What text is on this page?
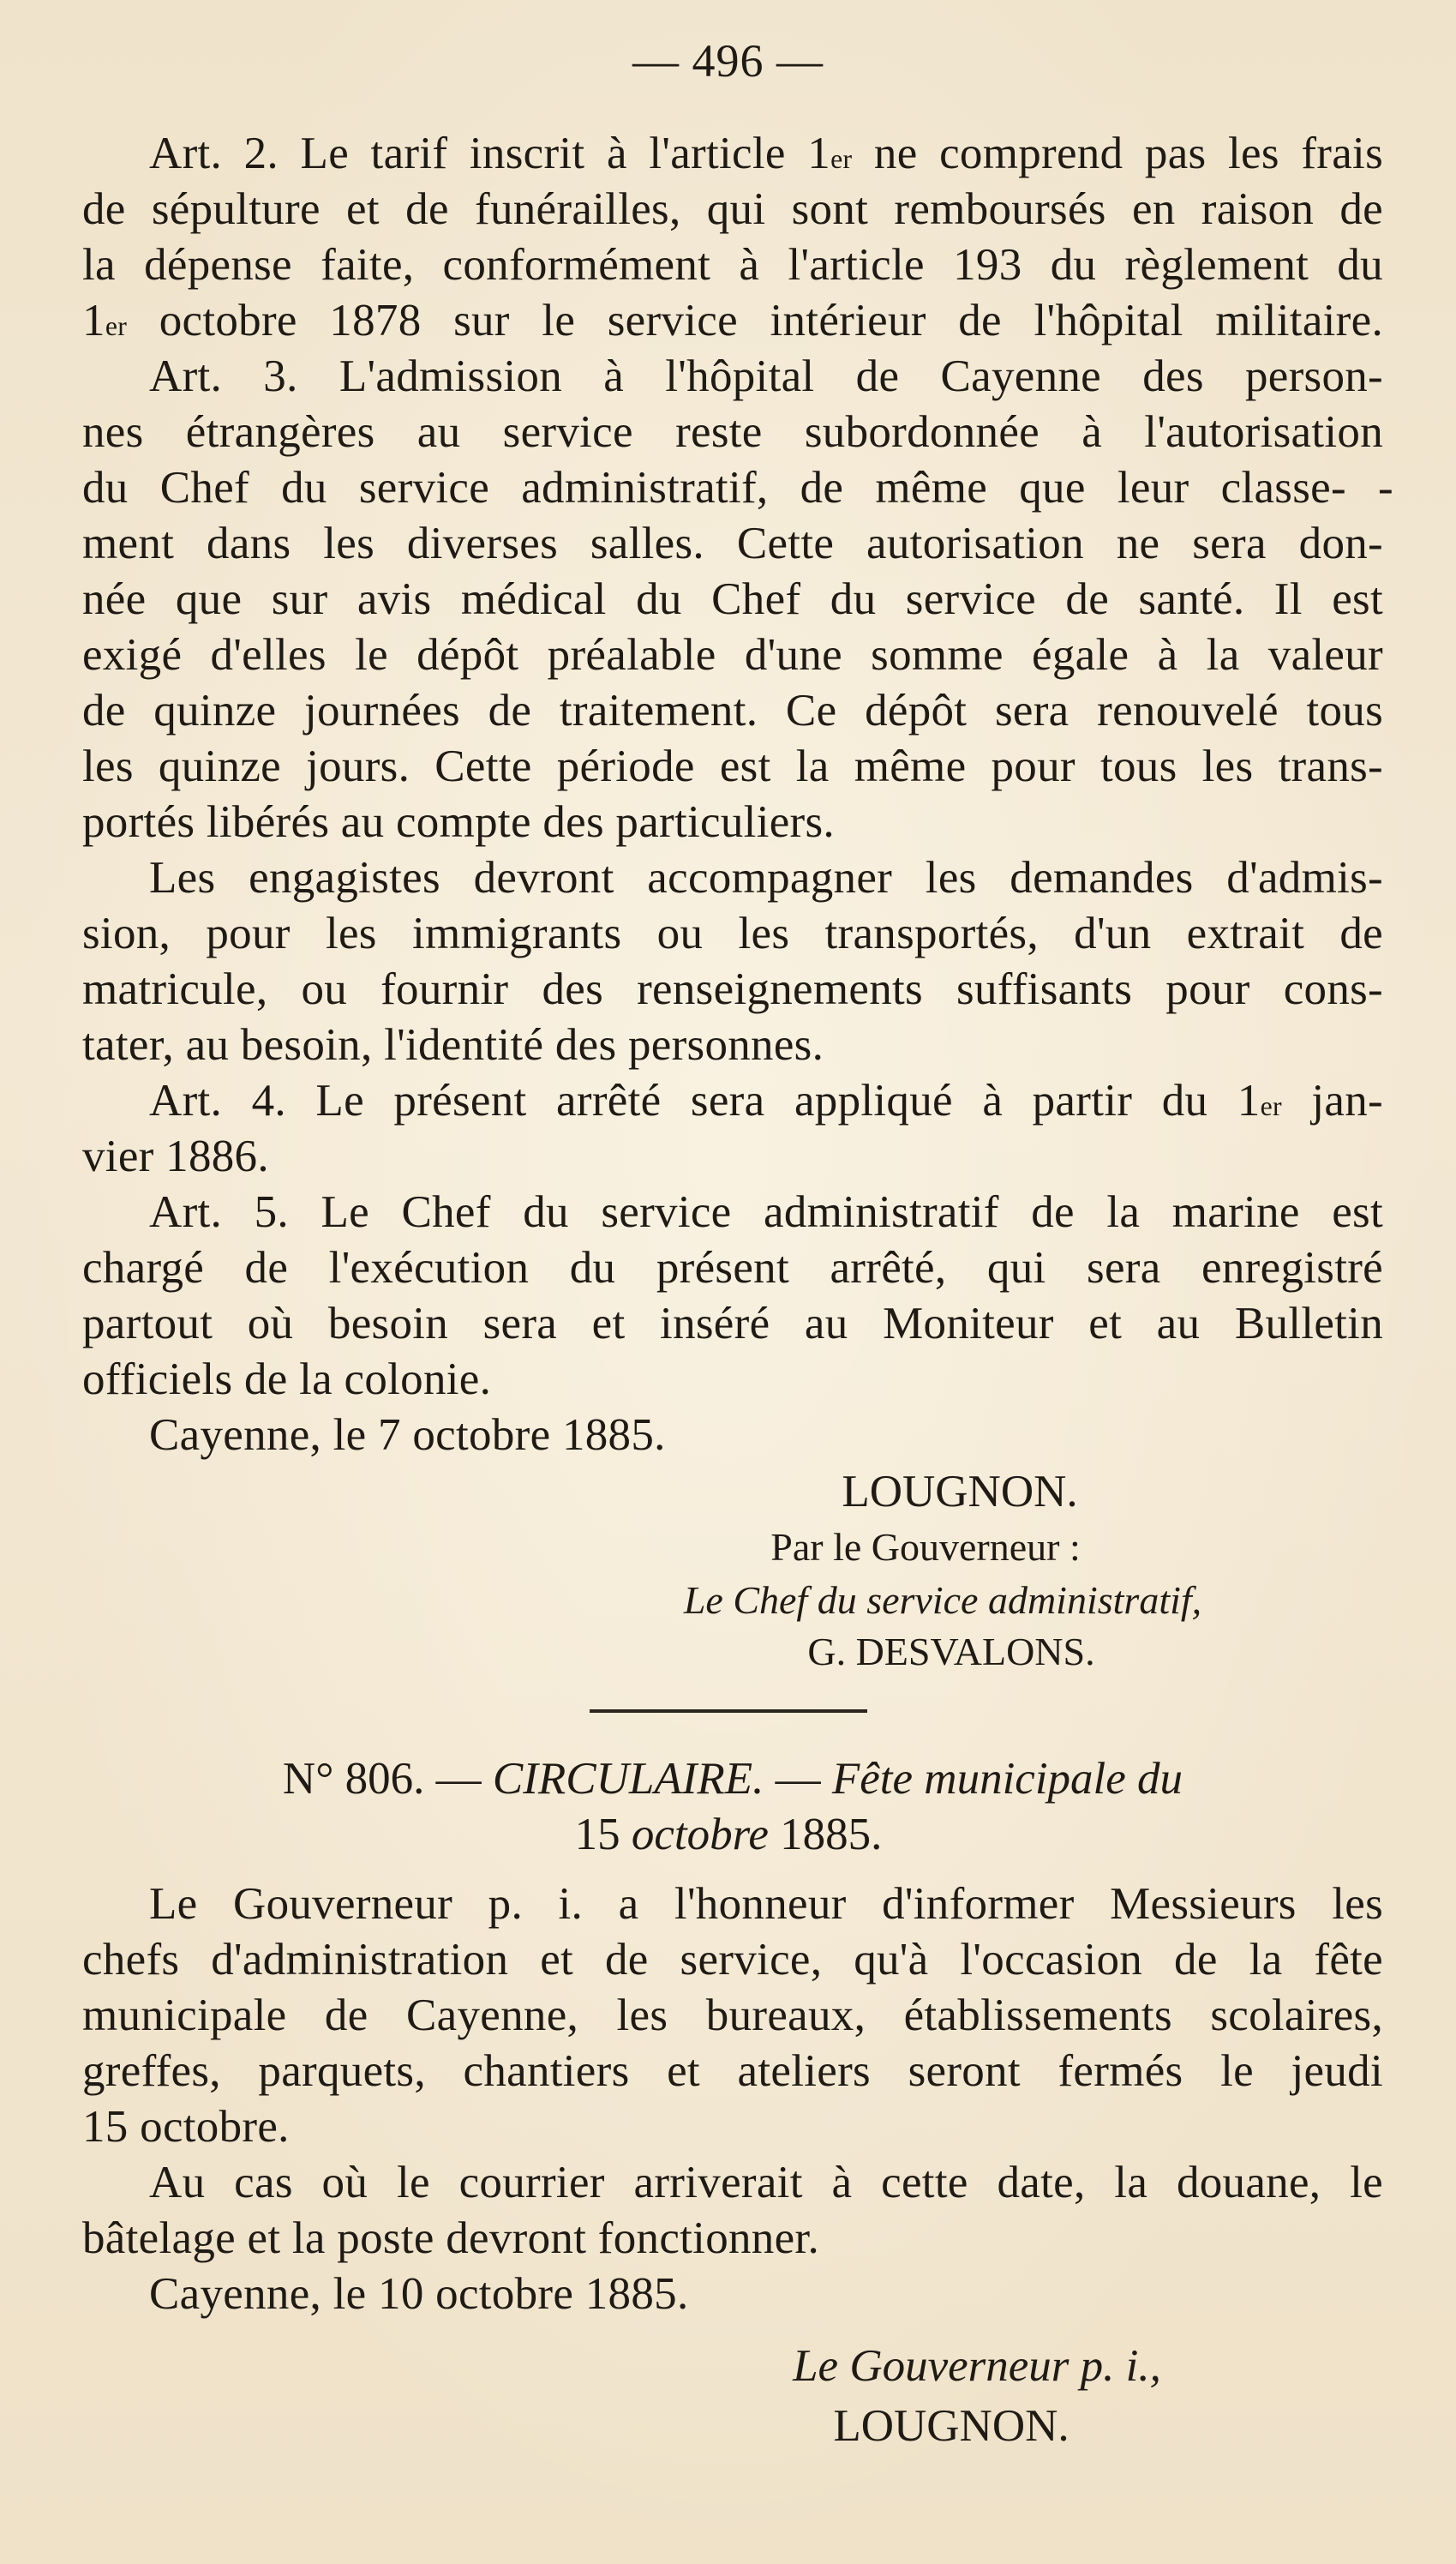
— 496 —
Art. 2. Le tarif inscrit à l'article 1er ne comprend pas les frais
de sépulture et de funérailles, qui sont remboursés en raison de
la dépense faite, conformément à l'article 193 du règlement du
1er octobre 1878 sur le service intérieur de l'hôpital militaire.
Art. 3. L'admission à l'hôpital de Cayenne des person-
nes étrangères au service reste subordonnée à l'autorisation
du Chef du service administratif, de même que leur classe- -
ment dans les diverses salles. Cette autorisation ne sera don-
née que sur avis médical du Chef du service de santé. Il est
exigé d'elles le dépôt préalable d'une somme égale à la valeur
de quinze journées de traitement. Ce dépôt sera renouvelé tous
les quinze jours. Cette période est la même pour tous les trans-
portés libérés au compte des particuliers.
Les engagistes devront accompagner les demandes d'admis-
sion, pour les immigrants ou les transportés, d'un extrait de
matricule, ou fournir des renseignements suffisants pour cons-
tater, au besoin, l'identité des personnes.
Art. 4. Le présent arrêté sera appliqué à partir du 1er jan-
vier 1886.
Art. 5. Le Chef du service administratif de la marine est
chargé de l'exécution du présent arrêté, qui sera enregistré
partout où besoin sera et inséré au Moniteur et au Bulletin
officiels de la colonie.
Cayenne, le 7 octobre 1885.
LOUGNON.
Par le Gouverneur :
Le Chef du service administratif,
G. DESVALONS.
N° 806. — CIRCULAIRE. — Fête municipale du
15 octobre 1885.
Le Gouverneur p. i. a l'honneur d'informer Messieurs les
chefs d'administration et de service, qu'à l'occasion de la fête
municipale de Cayenne, les bureaux, établissements scolaires,
greffes, parquets, chantiers et ateliers seront fermés le jeudi
15 octobre.
Au cas où le courrier arriverait à cette date, la douane, le
bâtelage et la poste devront fonctionner.
Cayenne, le 10 octobre 1885.
Le Gouverneur p. i.,
LOUGNON.
